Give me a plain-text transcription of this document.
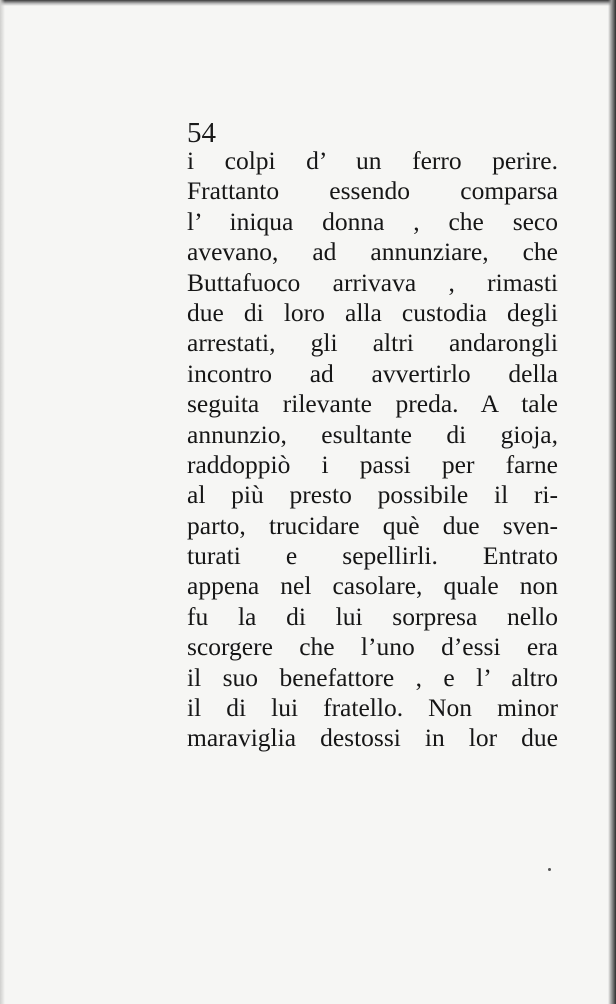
54
i colpi d’ un ferro perire.
Frattanto essendo comparsa
l’ iniqua donna , che seco
avevano, ad annunziare, che
Buttafuoco arrivava , rimasti
due di loro alla custodia degli
arrestati, gli altri andarongli
incontro ad avvertirlo della
seguita rilevante preda. A tale
annunzio, esultante di gioja,
raddoppiò i passi per farne
al più presto possibile il ri-
parto, trucidare què due sven-
turati e sepellirli. Entrato
appena nel casolare, quale non
fu la di lui sorpresa nello
scorgere che l’uno d’essi era
il suo benefattore , e l’ altro
il di lui fratello. Non minor
maraviglia destossi in lor due
